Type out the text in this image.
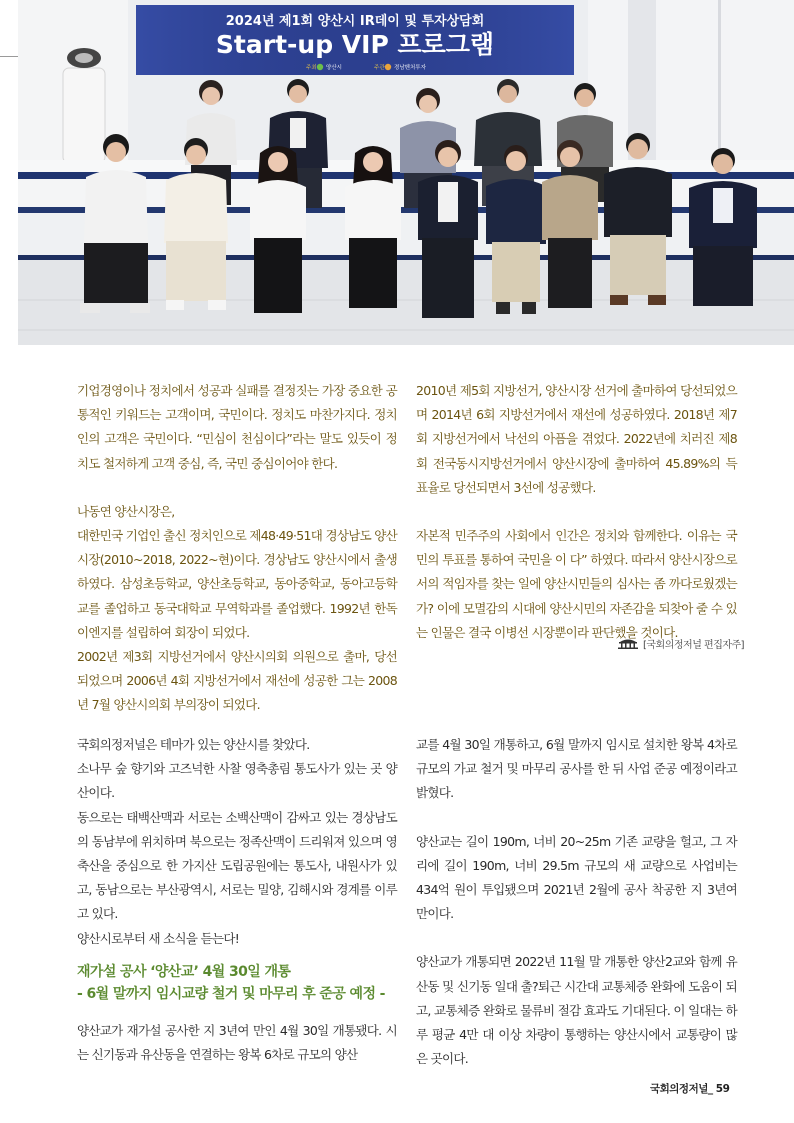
2024년 제1회 양산시 IR데이 및 투자상담회
Start-up VIP 프로그램
주최 양산시	주관 경남벤처투자

기업경영이나 정치에서 성공과 실패를 결정짓는 가장 중요한 공통적인 키워드는 고객이며, 국민이다. 정치도 마찬가지다. 정치인의 고객은 국민이다. “민심이 천심이다”라는 말도 있듯이 정치도 철저하게 고객 중심, 즉, 국민 중심이어야 한다.

나동연 양산시장은,

대한민국 기업인 출신 정치인으로 제48·49·51대 경상남도 양산시장(2010~2018, 2022~현)이다. 경상남도 양산시에서 출생하였다. 삼성초등학교, 양산초등학교, 동아중학교, 동아고등학교를 졸업하고 동국대학교 무역학과를 졸업했다. 1992년 한독이엔지를 설립하여 회장이 되었다.

2002년 제3회 지방선거에서 양산시의회 의원으로 출마, 당선되었으며 2006년 4회 지방선거에서 재선에 성공한 그는 2008년 7월 양산시의회 부의장이 되었다.

2010년 제5회 지방선거, 양산시장 선거에 출마하여 당선되었으며 2014년 6회 지방선거에서 재선에 성공하였다. 2018년 제7회 지방선거에서 낙선의 아픔을 겪었다. 2022년에 치러진 제8회 전국동시지방선거에서 양산시장에 출마하여 45.89%의 득표율로 당선되면서 3선에 성공했다.

자본적 민주주의 사회에서 인간은 정치와 함께한다. 이유는 국민의 투표를 통하여 국민을 이 다” 하였다. 따라서 양산시장으로서의 적임자를 찾는 일에 양산시민들의 심사는 좀 까다로웠겠는가? 이에 모멸감의 시대에 양산시민의 자존감을 되찾아 줄 수 있는 인물은 결국 이병선 시장뿐이라 판단했을 것이다.

[국회의정저널 편집자주]

국회의정저널은 테마가 있는 양산시를 찾았다.

소나무 숲 향기와 고즈넉한 사찰 영축총림 통도사가 있는 곳 양산이다.

동으로는 태백산맥과 서로는 소백산맥이 감싸고 있는 경상남도의 동남부에 위치하며 북으로는 정족산맥이 드리워져 있으며 영축산을 중심으로 한 가지산 도립공원에는 통도사, 내원사가 있고, 동남으로는 부산광역시, 서로는 밀양, 김해시와 경계를 이루고 있다.

양산시로부터 새 소식을 듣는다!

재가설 공사 ‘양산교’ 4월 30일 개통
- 6월 말까지 임시교량 철거 및 마무리 후 준공 예정 -

양산교가 재가설 공사한 지 3년여 만인 4월 30일 개통됐다. 시는 신기동과 유산동을 연결하는 왕복 6차로 규모의 양산

교를 4월 30일 개통하고, 6월 말까지 임시로 설치한 왕복 4차로 규모의 가교 철거 및 마무리 공사를 한 뒤 사업 준공 예정이라고 밝혔다.

양산교는 길이 190m, 너비 20~25m 기존 교량을 헐고, 그 자리에 길이 190m, 너비 29.5m 규모의 새 교량으로 사업비는 434억 원이 투입됐으며 2021년 2월에 공사 착공한 지 3년여 만이다.

양산교가 개통되면 2022년 11월 말 개통한 양산2교와 함께 유산동 및 신기동 일대 출?퇴근 시간대 교통체증 완화에 도움이 되고, 교통체증 완화로 물류비 절감 효과도 기대된다. 이 일대는 하루 평균 4만 대 이상 차량이 통행하는 양산시에서 교통량이 많은 곳이다.

국회의정저널_ 59
